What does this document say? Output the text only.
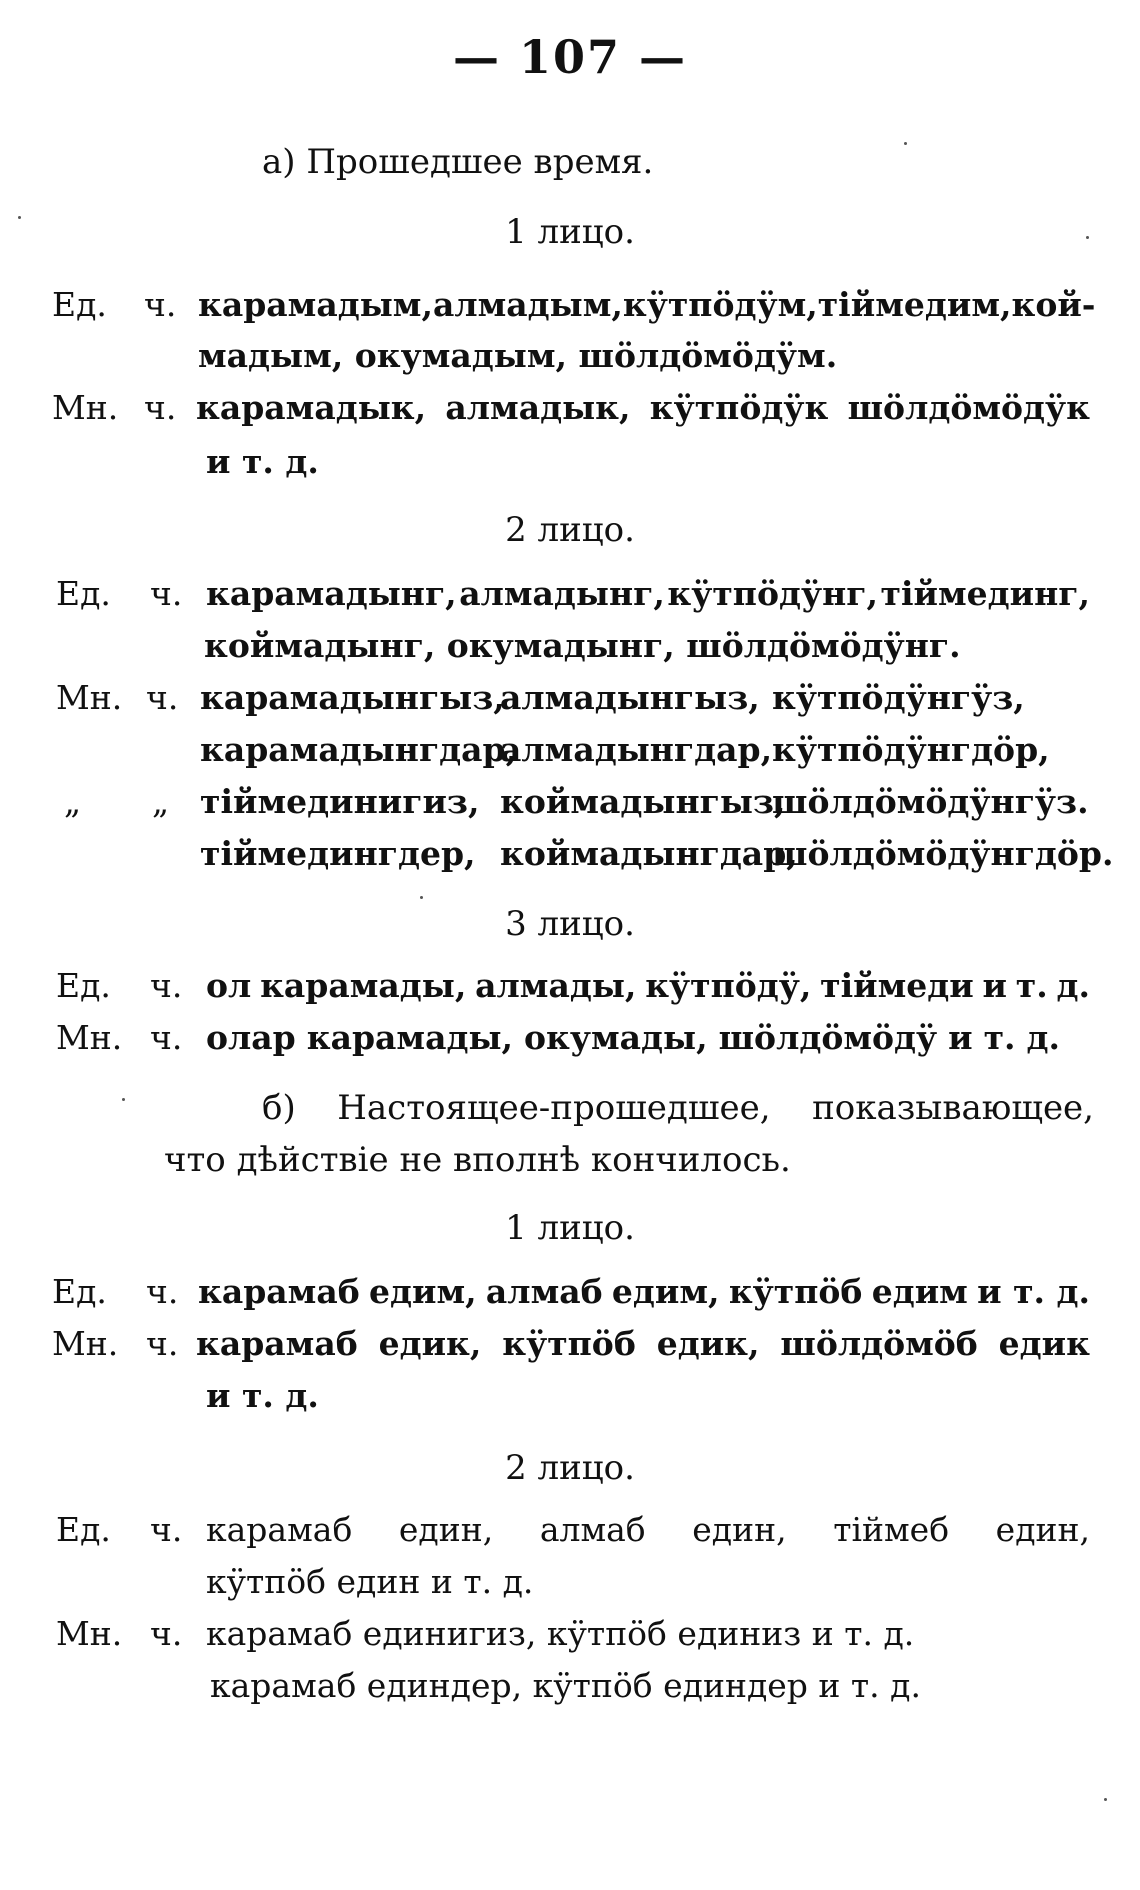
— 107 —
а) Прошедшее время.
1 лицо.
Ед. ч. карамадым, алмадым, кӱтпӧдӱм, тiймедим, кой-
мадым, окумадым, шӧлдӧмӧдӱм.
Мн. ч. карамадык, алмадык, кӱтпӧдӱк шӧлдӧмӧдӱк
и т. д.
2 лицо.
Ед. ч. карамадынг, алмадынг, кӱтпӧдӱнг, тiймединг,
коймадынг, окумадынг, шӧлдӧмӧдӱнг.
Мн. ч. карамадынгыз,
алмадынгыз, кӱтпӧдӱнгӱз,
карамадынгдар,
алмадынгдар, кӱтпӧдӱнгдӧр,
„ „ тiймединигиз, коймадынгыз,
шӧлдӧмӧдӱнгӱз.
тiймедингдер, коймадынгдар,
шӧлдӧмӧдӱнгдӧр.
3 лицо.
Ед. ч. ол карамады, алмады, кӱтпӧдӱ, тiймеди и т. д.
Мн. ч. олар карамады, окумады, шӧлдӧмӧдӱ и т. д.
б) Настоящее-прошедшее, показывающее,
что дѣйствiе не вполнѣ кончилось.
1 лицо.
Ед. ч. карамаб едим, алмаб едим, кӱтпӧб едим и т. д.
Мн. ч. карамаб едик, кӱтпӧб едик, шӧлдӧмӧб едик
и т. д.
2 лицо.
Ед. ч. карамаб един, алмаб един, тiймеб един,
кӱтпӧб един и т. д.
Мн. ч. карамаб единигиз, кӱтпӧб единиз и т. д.
карамаб единдер, кӱтпӧб единдер и т. д.
